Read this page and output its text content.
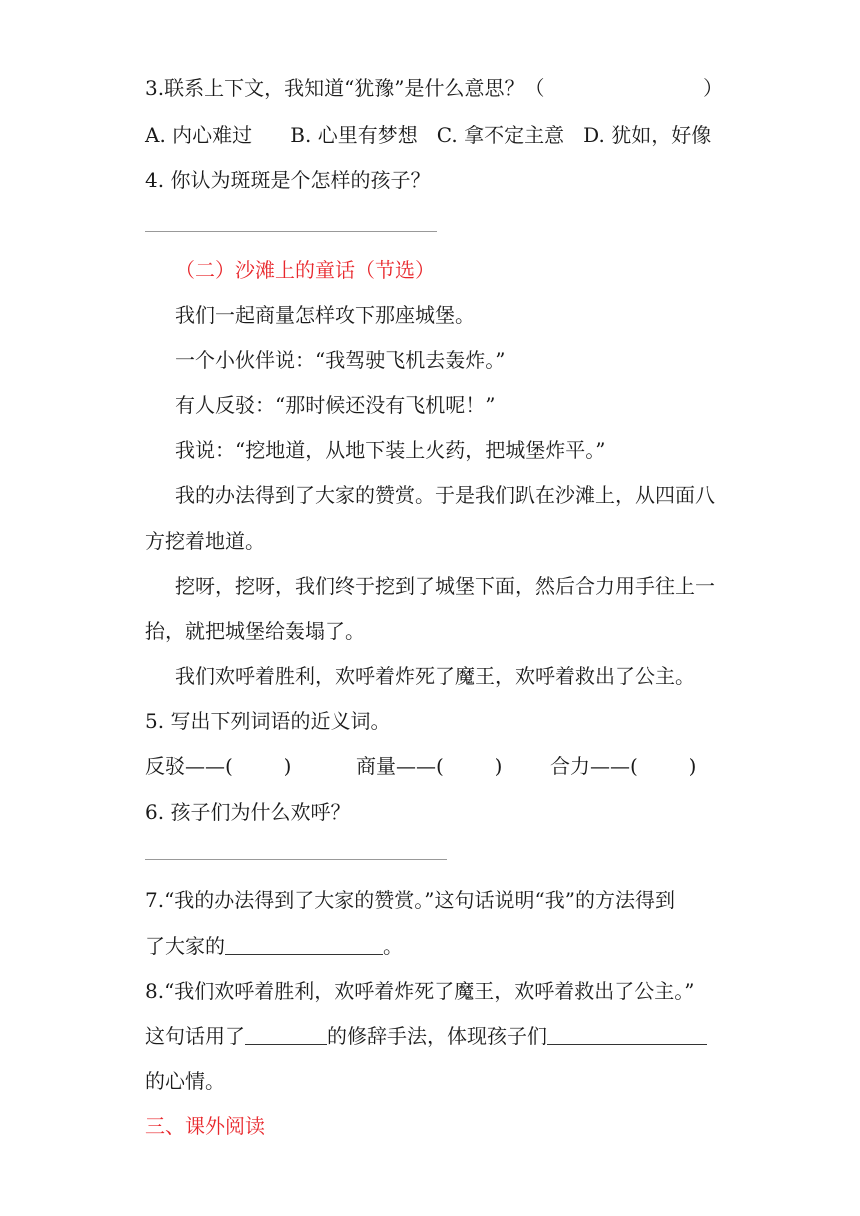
3.联系上下文，我知道“犹豫”是什么意思？（	）
A. 内心难过      B. 心里有梦想   C. 拿不定主意   D. 犹如，好像
4. 你认为斑斑是个怎样的孩子？
（二）沙滩上的童话（节选）
我们一起商量怎样攻下那座城堡。
一个小伙伴说：“我驾驶飞机去轰炸。”
有人反驳：“那时候还没有飞机呢！”
我说：“挖地道，从地下装上火药，把城堡炸平。”
我的办法得到了大家的赞赏。于是我们趴在沙滩上，从四面八
方挖着地道。
挖呀，挖呀，我们终于挖到了城堡下面，然后合力用手往上一
抬，就把城堡给轰塌了。
我们欢呼着胜利，欢呼着炸死了魔王，欢呼着救出了公主。
5. 写出下列词语的近义词。
反驳——(        )	商量——(        ) 合力——(        )
6. 孩子们为什么欢呼？
7.“我的办法得到了大家的赞赏。”这句话说明“我”的方法得到
了大家的	。
8.“我们欢呼着胜利，欢呼着炸死了魔王，欢呼着救出了公主。”
这句话用了	的修辞手法，体现孩子们
的心情。
三、课外阅读
